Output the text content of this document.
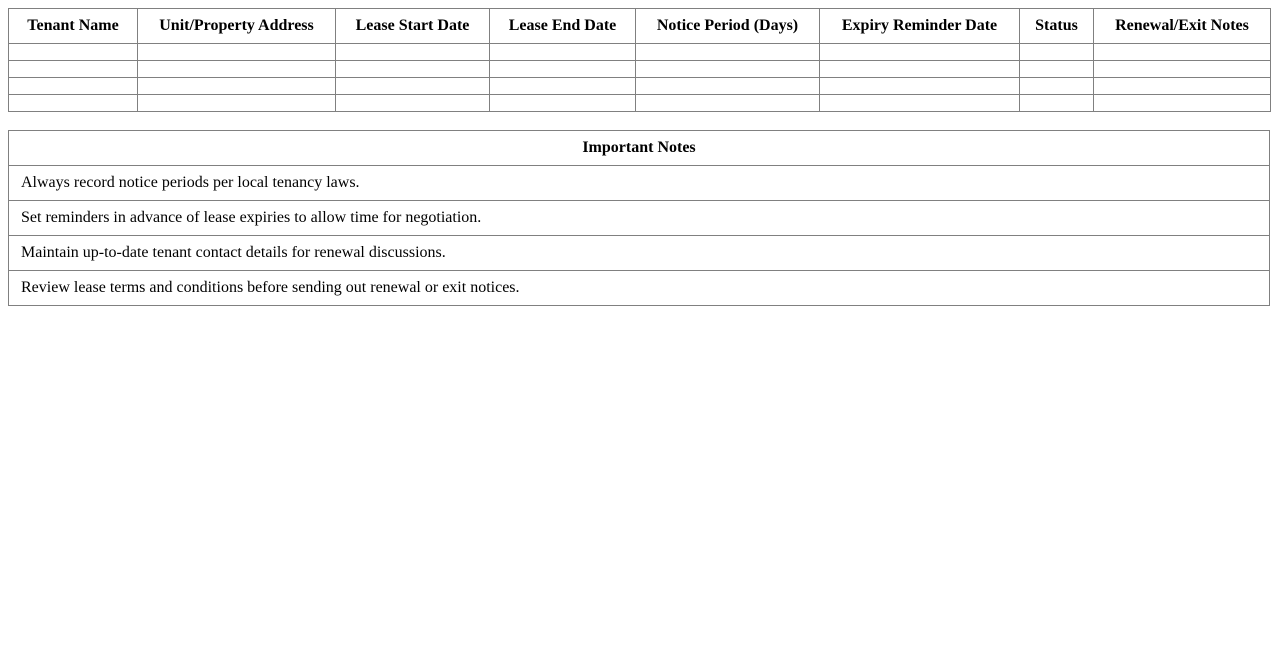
Tenant Name	Unit/Property Address	Lease Start Date	Lease End Date	Notice Period (Days)	Expiry Reminder Date	Status	Renewal/Exit Notes

Important Notes
Always record notice periods per local tenancy laws.
Set reminders in advance of lease expiries to allow time for negotiation.
Maintain up-to-date tenant contact details for renewal discussions.
Review lease terms and conditions before sending out renewal or exit notices.
